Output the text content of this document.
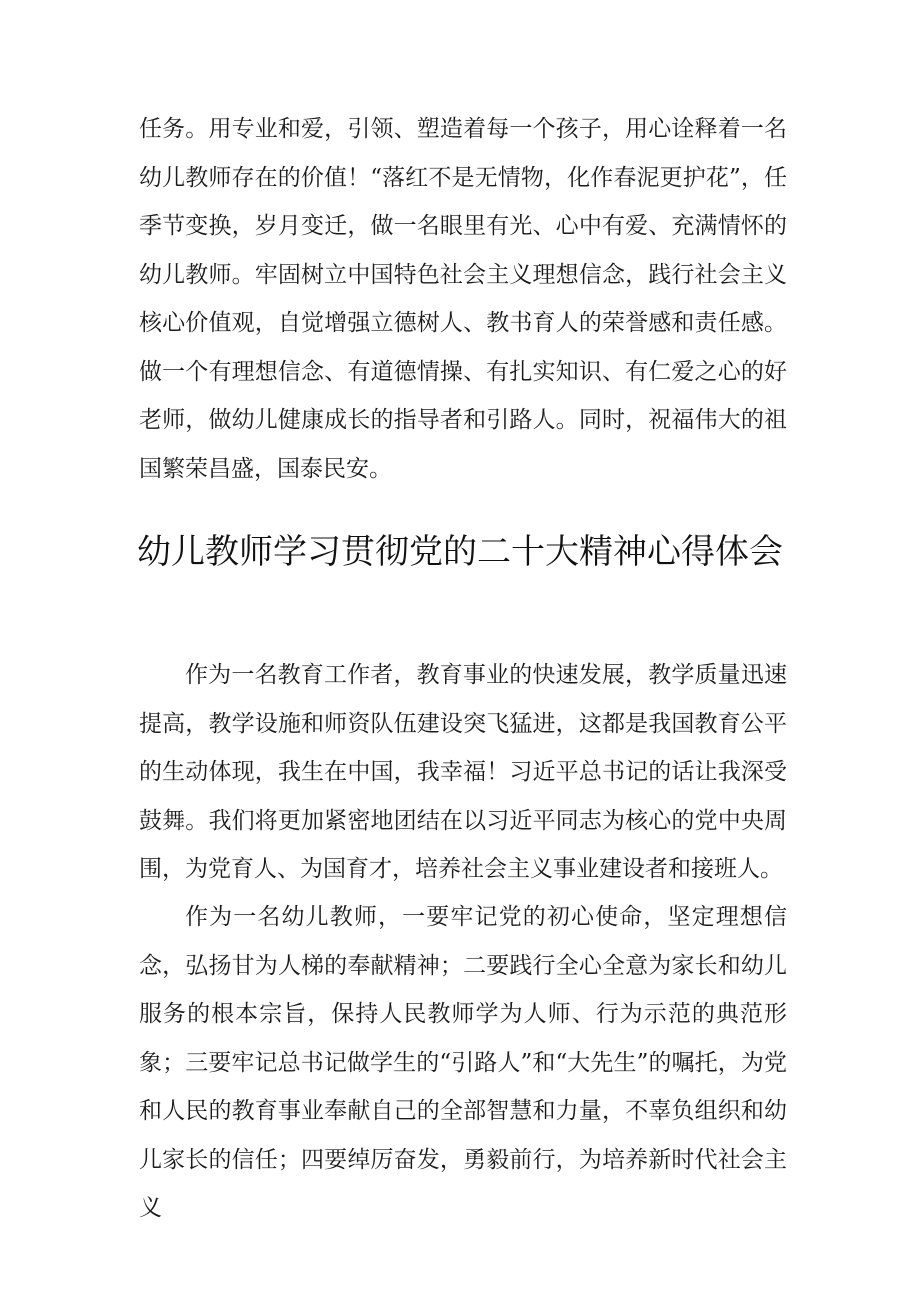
任务。用专业和爱，引领、塑造着每一个孩子，用心诠释着一名幼儿教师存在的价值！“落红不是无情物，化作春泥更护花”，任季节变换，岁月变迁，做一名眼里有光、心中有爱、充满情怀的幼儿教师。牢固树立中国特色社会主义理想信念，践行社会主义核心价值观，自觉增强立德树人、教书育人的荣誉感和责任感。做一个有理想信念、有道德情操、有扎实知识、有仁爱之心的好老师，做幼儿健康成长的指导者和引路人。同时，祝福伟大的祖国繁荣昌盛，国泰民安。

幼儿教师学习贯彻党的二十大精神心得体会

作为一名教育工作者，教育事业的快速发展，教学质量迅速提高，教学设施和师资队伍建设突飞猛进，这都是我国教育公平的生动体现，我生在中国，我幸福！习近平总书记的话让我深受鼓舞。我们将更加紧密地团结在以习近平同志为核心的党中央周围，为党育人、为国育才，培养社会主义事业建设者和接班人。

作为一名幼儿教师，一要牢记党的初心使命，坚定理想信念，弘扬甘为人梯的奉献精神；二要践行全心全意为家长和幼儿服务的根本宗旨，保持人民教师学为人师、行为示范的典范形象；三要牢记总书记做学生的“引路人”和“大先生”的嘱托，为党和人民的教育事业奉献自己的全部智慧和力量，不辜负组织和幼儿家长的信任；四要绰厉奋发，勇毅前行，为培养新时代社会主义
